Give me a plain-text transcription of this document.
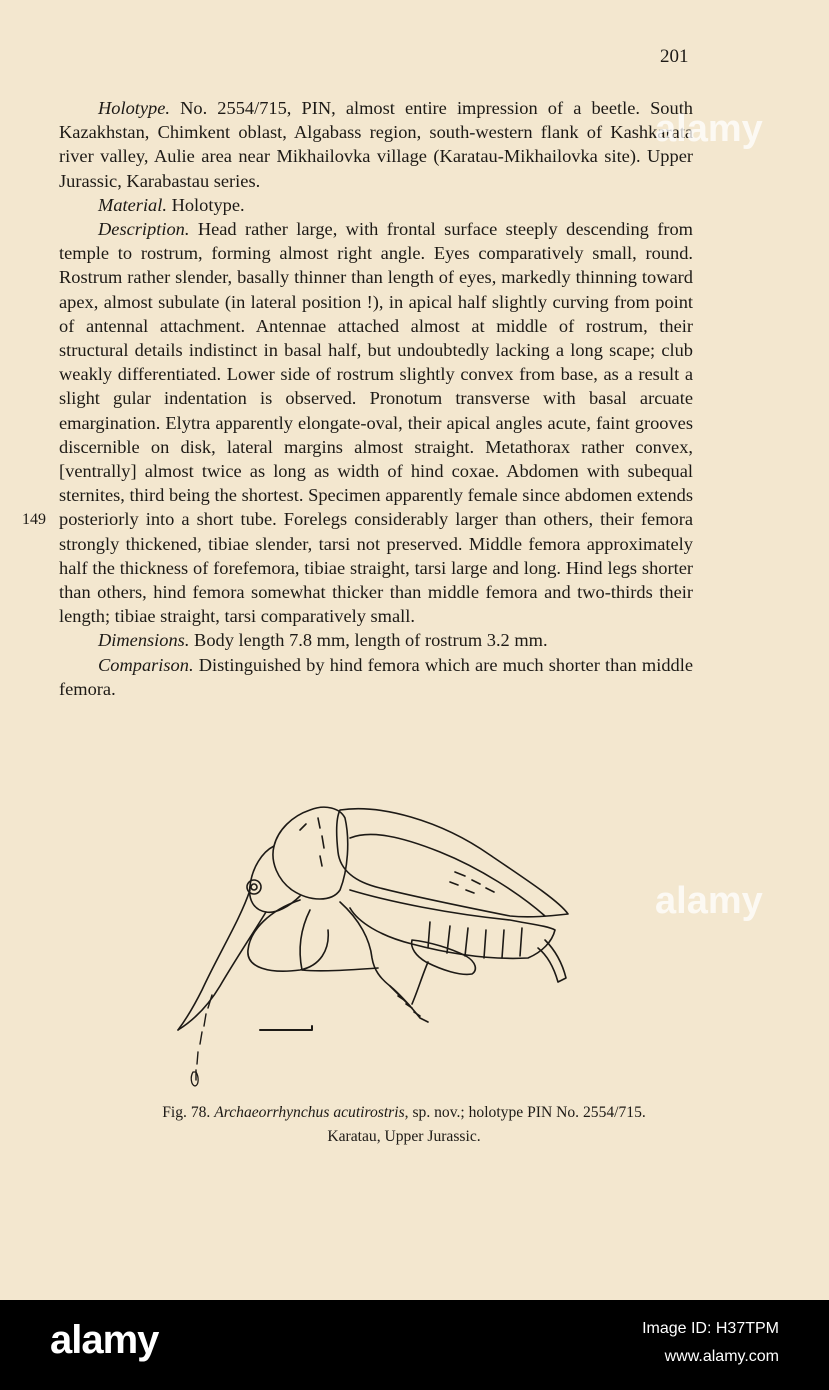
201
149

Holotype. No. 2554/715, PIN, almost entire impression of a beetle. South Kazakhstan, Chimkent oblast, Algabass region, south-western flank of Kashkarata river valley, Aulie area near Mikhailovka village (Karatau-Mikhailovka site). Upper Jurassic, Karabastau series.

Material. Holotype.

Description. Head rather large, with frontal surface steeply descending from temple to rostrum, forming almost right angle. Eyes comparatively small, round. Rostrum rather slender, basally thinner than length of eyes, markedly thinning toward apex, almost subulate (in lateral position !), in apical half slightly curving from point of antennal attachment. Antennae attached almost at middle of rostrum, their structural details indistinct in basal half, but undoubtedly lacking a long scape; club weakly differentiated. Lower side of rostrum slightly convex from base, as a result a slight gular indentation is observed. Pronotum transverse with basal arcuate emargination. Elytra apparently elongate-oval, their apical angles acute, faint grooves discernible on disk, lateral margins almost straight. Metathorax rather convex, [ventrally] almost twice as long as width of hind coxae. Abdomen with subequal sternites, third being the shortest. Specimen apparently female since abdomen extends posteriorly into a short tube. Forelegs considerably larger than others, their femora strongly thickened, tibiae slender, tarsi not preserved. Middle femora approximately half the thickness of forefemora, tibiae straight, tarsi large and long. Hind legs shorter than others, hind femora somewhat thicker than middle femora and two-thirds their length; tibiae straight, tarsi comparatively small.

Dimensions. Body length 7.8 mm, length of rostrum 3.2 mm.

Comparison. Distinguished by hind femora which are much shorter than middle femora.

Fig. 78. Archaeorrhynchus acutirostris, sp. nov.; holotype PIN No. 2554/715.
Karatau, Upper Jurassic.
alamy
alamy
alamy	Image ID: H37TPM
www.alamy.com
